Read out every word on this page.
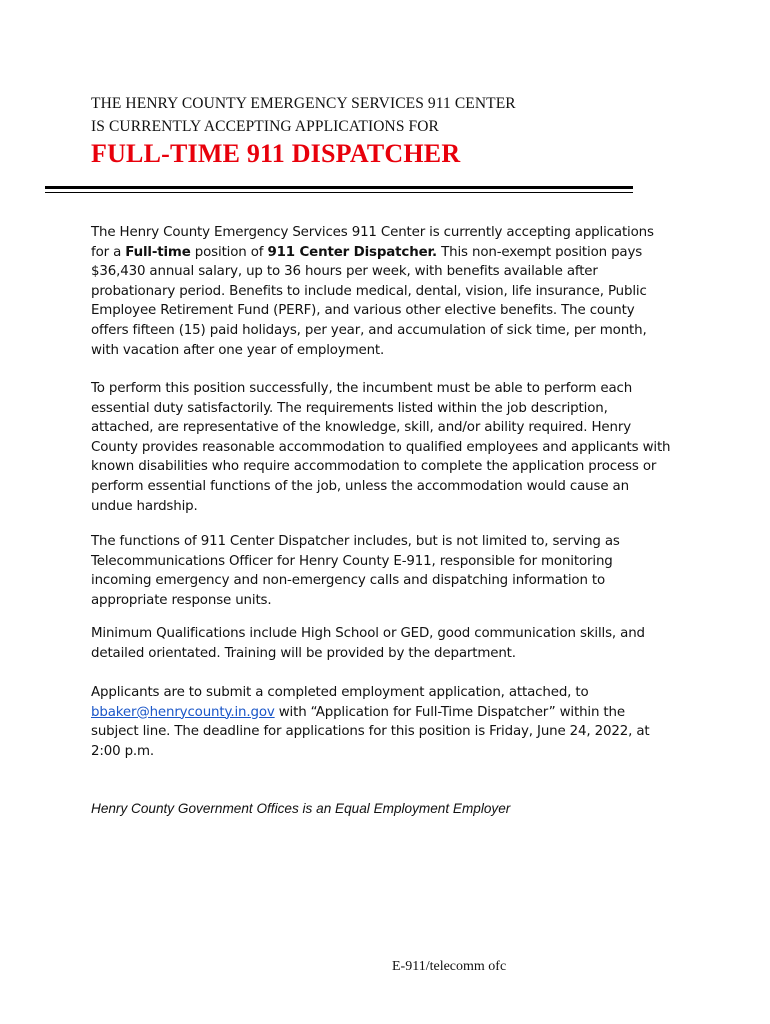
THE HENRY COUNTY EMERGENCY SERVICES 911 CENTER
IS CURRENTLY ACCEPTING APPLICATIONS FOR
FULL-TIME 911 DISPATCHER
The Henry County Emergency Services 911 Center is currently accepting applications
for a Full-time position of 911 Center Dispatcher. This non-exempt position pays
$36,430 annual salary, up to 36 hours per week, with benefits available after
probationary period. Benefits to include medical, dental, vision, life insurance, Public
Employee Retirement Fund (PERF), and various other elective benefits. The county
offers fifteen (15) paid holidays, per year, and accumulation of sick time, per month,
with vacation after one year of employment.
To perform this position successfully, the incumbent must be able to perform each
essential duty satisfactorily. The requirements listed within the job description,
attached, are representative of the knowledge, skill, and/or ability required. Henry
County provides reasonable accommodation to qualified employees and applicants with
known disabilities who require accommodation to complete the application process or
perform essential functions of the job, unless the accommodation would cause an
undue hardship.
The functions of 911 Center Dispatcher includes, but is not limited to, serving as
Telecommunications Officer for Henry County E-911, responsible for monitoring
incoming emergency and non-emergency calls and dispatching information to
appropriate response units.
Minimum Qualifications include High School or GED, good communication skills, and
detailed orientated. Training will be provided by the department.
Applicants are to submit a completed employment application, attached, to
bbaker@henrycounty.in.gov with “Application for Full-Time Dispatcher” within the
subject line. The deadline for applications for this position is Friday, June 24, 2022, at
2:00 p.m.
Henry County Government Offices is an Equal Employment Employer
E-911/telecomm ofc
